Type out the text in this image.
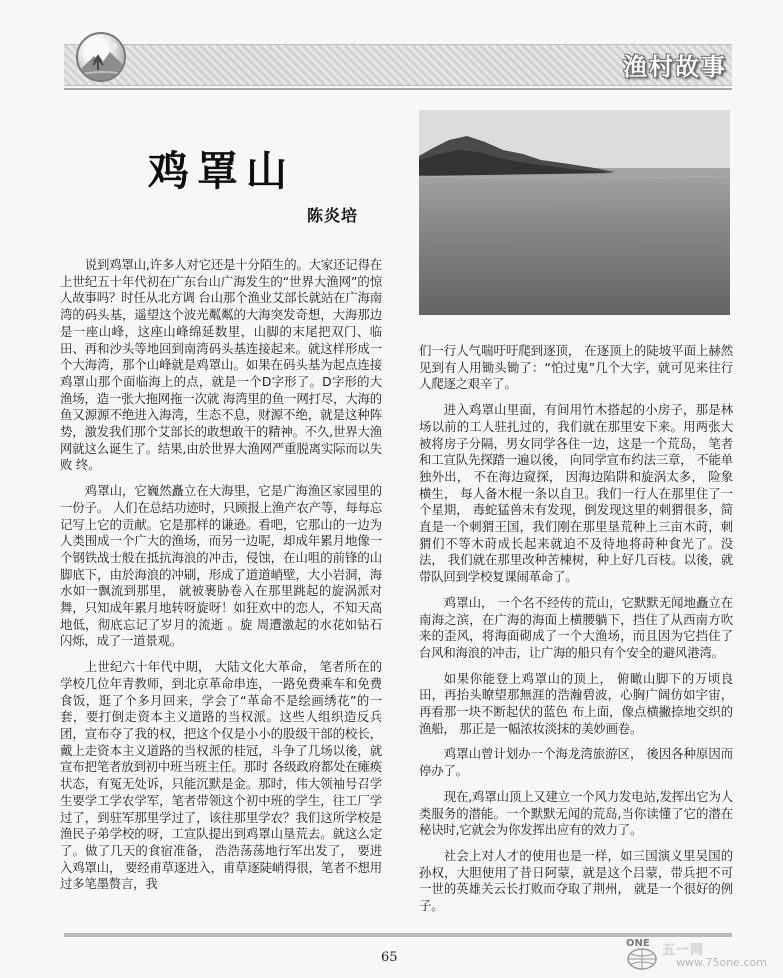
渔村故事
鸡罩山
陈炎培

说到鸡罩山,许多人对它还是十分陌生的。大家还记得在上世纪五十年代初在广东台山广海发生的“世界大渔网”的惊人故事吗？时任从北方调 台山那个渔业艾部长就站在广海南湾的码头基，遥望这个波光粼粼的大海突发奇想，大海那边是一座山峰，这座山峰绵延数里，山脚的末尾把双门、临田、再和沙头等地回到南湾码头基连接起来。就这样形成一个大海湾，那个山峰就是鸡罩山。如果在码头基为起点连接鸡罩山那个面临海上的点，就是一个D字形了。D字形的大渔场，造一张大拖网拖一次就 海湾里的鱼一网打尽，大海的鱼又源源不绝进入海湾，生态不息，财源不绝，就是这种阵势，激发我们那个艾部长的敢想敢干的精神。不久,世界大渔网就这么诞生了。结果,由於世界大渔网严重脱离实际而以失败 终。

鸡罩山，它巍然矗立在大海里，它是广海渔区家园里的一份子。 人们在总结功迹时，只顾报上渔产农产等，每每忘记写上它的贡献。它是那样的谦逊。看吧，它那山的一边为人类围成一个广大的渔场，而另一边呢，却成年累月地像一个钢铁战士般在抵抗海浪的冲击，侵蚀，在山咀的前锋的山脚底下，由於海浪的冲刷，形成了道道峭壁，大小岩洞，海水如一飘流到那里， 就被裹胁卷入在那里跳起的旋涡派对舞，只知成年累月地转呀旋呀！如狂欢中的恋人，不知天高地低，彻底忘记了岁月的流逝 。旋 周遭激起的水花如钻石闪烁，成了一道景观。

上世纪六十年代中期， 大陆文化大革命， 笔者所在的学校几位年青教师，到北京革命串连，一路免费乘车和免费食饭，逛了个多月回来，学会了“革命不是绘画绣花”的一套，要打倒走资本主义道路的当权派。这些人组织造反兵团，宣布夺了我的权，把这个仅是小小的股级干部的校长，戴上走资本主义道路的当权派的桂冠，斗争了几场以後，就宣布把笔者放到初中班当班主任。那时 各级政府都处在瘫痪状态，有冤无处诉，只能沉默是金。那时，伟大领袖号召学生要学工学农学军，笔者带领这个初中班的学生，往工厂学过了，到驻军那里学过了，该往那里学农？我们这所学校是渔民子弟学校的呀，工宣队提出到鸡罩山垦荒去。就这么定了。做了几天的食宿准备， 浩浩荡荡地行军出发了， 要进入鸡罩山， 要经甫草逐进入，甫草逐陡峭得很，笔者不想用过多笔墨赘言，我

们一行人气喘吁吁爬到逐顶， 在逐顶上的陡坡平面上赫然见到有人用锄头锄了：“怕过鬼”几个大字，就可见来往行人爬逐之艰辛了。

进入鸡罩山里面，有间用竹木搭起的小房子，那是林场以前的工人驻扎过的，我们就在那里安下来。用两张大被将房子分隔，男女同学各住一边，这是一个荒岛， 笔者和工宣队先探踏一遍以後， 向同学宣布约法三章， 不能单独外出， 不在海边窥探， 因海边陷阱和旋涡太多， 险象横生， 每人备木棍一条以自卫。我们一行人在那里住了一个星期， 毒蛇猛兽未有发现，倒发现这里的刺猬很多，简直是一个刺猬王国，我们刚在那里垦荒种上三亩木莳，刺猬们不等木莳成长起来就迫不及待地将莳种食光了。没法， 我们就在那里改种苦楝树，种上好几百枝。以後，就带队回到学校复课闹革命了。

鸡罩山， 一个名不经传的荒山，它默默无闻地矗立在南海之滨，在广海的海面上横腰躺下，挡住了从西南方吹来的歪风，将海面砌成了一个大渔场，而且因为它挡住了台风和海浪的冲击，让广海的船只有个安全的避风港湾。

如果你能登上鸡罩山的顶上， 俯瞰山脚下的万顷良田，再抬头瞭望那無涯的浩瀚碧波，心胸广阔仿如宇宙， 再看那一块不断起伏的蓝色 布上面，像点横撇捺地交织的渔船， 那正是一幅浓妆淡抹的美妙画卷。

鸡罩山曾计划办一个海龙湾旅游区， 後因各种原因而停办了。

现在,鸡罩山顶上又建立一个风力发电站,发挥出它为人类服务的潜能。一个默默无闻的荒岛,当你读懂了它的潜在秘诀时,它就会为你发挥出应有的效力了。

社会上对人才的使用也是一样，如三国演义里吴国的孙权，大胆使用了昔日阿蒙，就是这个吕蒙，带兵把不可一世的英雄关云长打败而夺取了荆州， 就是一个很好的例子。

65
ONE 五一网
www.75one.com
